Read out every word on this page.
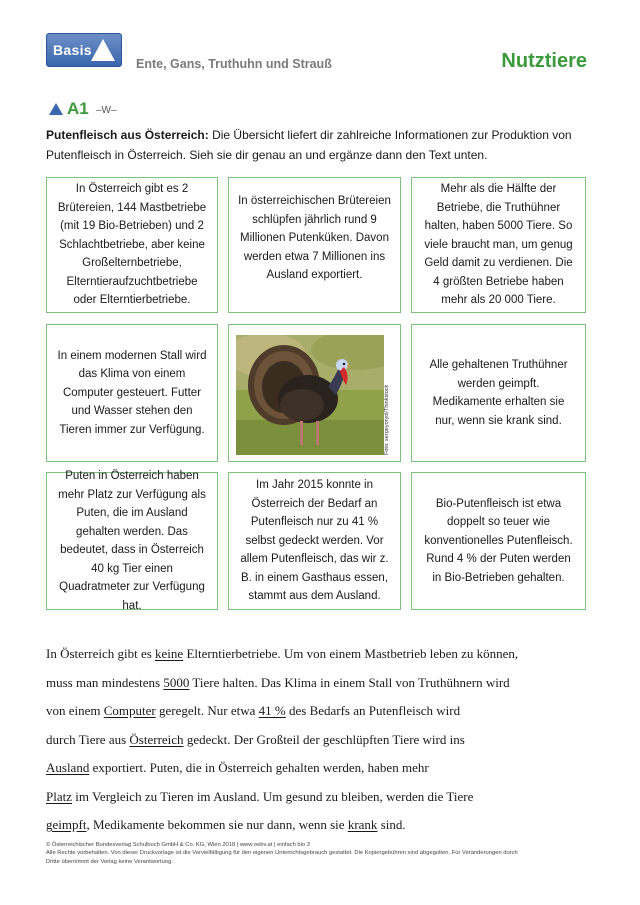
Basis
Ente, Gans, Truthuhn und Strauß	Nutztiere
A1 –W–
Putenfleisch aus Österreich: Die Übersicht liefert dir zahlreiche Informationen zur Produktion von Putenfleisch in Österreich. Sieh sie dir genau an und ergänze dann den Text unten.
In Österreich gibt es 2 Brütereien, 144 Mastbetriebe (mit 19 Bio-Betrieben) und 2 Schlachtbetriebe, aber keine Großelternbetriebe, Elterntieraufzuchtbetriebe oder Elterntierbetriebe.
In österreichischen Brütereien schlüpfen jährlich rund 9 Millionen Putenküken. Davon werden etwa 7 Millionen ins Ausland exportiert.
Mehr als die Hälfte der Betriebe, die Truthühner halten, haben 5000 Tiere. So viele braucht man, um genug Geld damit zu verdienen. Die 4 größten Betriebe haben mehr als 20 000 Tiere.
In einem modernen Stall wird das Klima von einem Computer gesteuert. Futter und Wasser stehen den Tieren immer zur Verfügung.	Foto: sergeyoryol/Thinkstock
Alle gehaltenen Truthühner werden geimpft. Medikamente erhalten sie nur, wenn sie krank sind.
Puten in Österreich haben mehr Platz zur Verfügung als Puten, die im Ausland gehalten werden. Das bedeutet, dass in Österreich 40 kg Tier einen Quadratmeter zur Verfügung hat.
Im Jahr 2015 konnte in Österreich der Bedarf an Putenfleisch nur zu 41 % selbst gedeckt werden. Vor allem Putenfleisch, das wir z. B. in einem Gasthaus essen, stammt aus dem Ausland.
Bio-Putenfleisch ist etwa doppelt so teuer wie konventionelles Putenfleisch. Rund 4 % der Puten werden in Bio-Betrieben gehalten.
In Österreich gibt es keine Elterntierbetriebe. Um von einem Mastbetrieb leben zu können,
muss man mindestens 5000 Tiere halten. Das Klima in einem Stall von Truthühnern wird
von einem Computer geregelt. Nur etwa 41 % des Bedarfs an Putenfleisch wird
durch Tiere aus Österreich gedeckt. Der Großteil der geschlüpften Tiere wird ins
Ausland exportiert. Puten, die in Österreich gehalten werden, haben mehr
Platz im Vergleich zu Tieren im Ausland. Um gesund zu bleiben, werden die Tiere
geimpft, Medikamente bekommen sie nur dann, wenn sie krank sind.
© Österreichischer Bundesverlag Schulbuch GmbH & Co. KG, Wien 2018 | www.oebv.at | einfach bio 3
Alle Rechte vorbehalten. Von dieser Druckvorlage ist die Vervielfältigung für den eigenen Unterrichtsgebrauch gestattet. Die Kopiergebühren sind abgegolten. Für Veränderungen durch
Dritte übernimmt der Verlag keine Verantwortung.
